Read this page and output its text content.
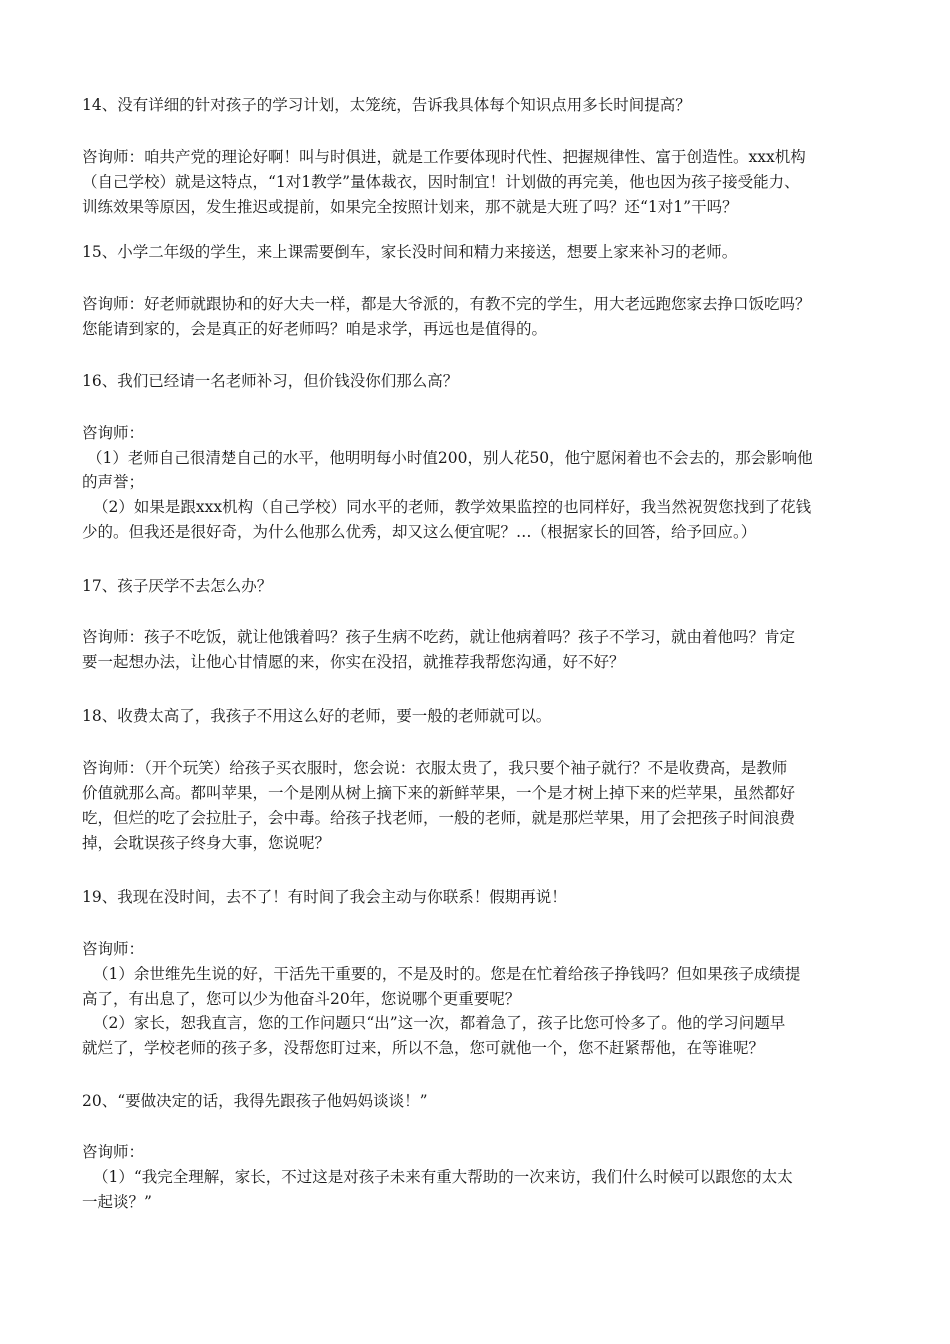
14、没有详细的针对孩子的学习计划，太笼统，告诉我具体每个知识点用多长时间提高？
咨询师：咱共产党的理论好啊！叫与时俱进，就是工作要体现时代性、把握规律性、富于创造性。xxx机构
（自己学校）就是这特点，“1对1教学”量体裁衣，因时制宜！计划做的再完美，他也因为孩子接受能力、
训练效果等原因，发生推迟或提前，如果完全按照计划来，那不就是大班了吗？还“1对1”干吗？
15、小学二年级的学生，来上课需要倒车，家长没时间和精力来接送，想要上家来补习的老师。
咨询师：好老师就跟协和的好大夫一样，都是大爷派的，有教不完的学生，用大老远跑您家去挣口饭吃吗？
您能请到家的，会是真正的好老师吗？咱是求学，再远也是值得的。
16、我们已经请一名老师补习，但价钱没你们那么高？
咨询师：
（1）老师自己很清楚自己的水平，他明明每小时值200，别人花50，他宁愿闲着也不会去的，那会影响他
的声誉；
（2）如果是跟xxx机构（自己学校）同水平的老师，教学效果监控的也同样好，我当然祝贺您找到了花钱
少的。但我还是很好奇，为什么他那么优秀，却又这么便宜呢？…（根据家长的回答，给予回应。）
17、孩子厌学不去怎么办？
咨询师：孩子不吃饭，就让他饿着吗？孩子生病不吃药，就让他病着吗？孩子不学习，就由着他吗？肯定
要一起想办法，让他心甘情愿的来，你实在没招，就推荐我帮您沟通，好不好？
18、收费太高了，我孩子不用这么好的老师，要一般的老师就可以。
咨询师：（开个玩笑）给孩子买衣服时，您会说：衣服太贵了，我只要个袖子就行？不是收费高，是教师
价值就那么高。都叫苹果，一个是刚从树上摘下来的新鲜苹果，一个是才树上掉下来的烂苹果，虽然都好
吃，但烂的吃了会拉肚子，会中毒。给孩子找老师，一般的老师，就是那烂苹果，用了会把孩子时间浪费
掉，会耽误孩子终身大事，您说呢？
19、我现在没时间，去不了！有时间了我会主动与你联系！假期再说！
咨询师：
（1）余世维先生说的好，干活先干重要的，不是及时的。您是在忙着给孩子挣钱吗？但如果孩子成绩提
高了，有出息了，您可以少为他奋斗20年，您说哪个更重要呢？
（2）家长，恕我直言，您的工作问题只“出”这一次，都着急了，孩子比您可怜多了。他的学习问题早
就烂了，学校老师的孩子多，没帮您盯过来，所以不急，您可就他一个，您不赶紧帮他，在等谁呢？
20、“要做决定的话，我得先跟孩子他妈妈谈谈！”
咨询师：
（1）“我完全理解，家长，不过这是对孩子未来有重大帮助的一次来访，我们什么时候可以跟您的太太
一起谈？”
